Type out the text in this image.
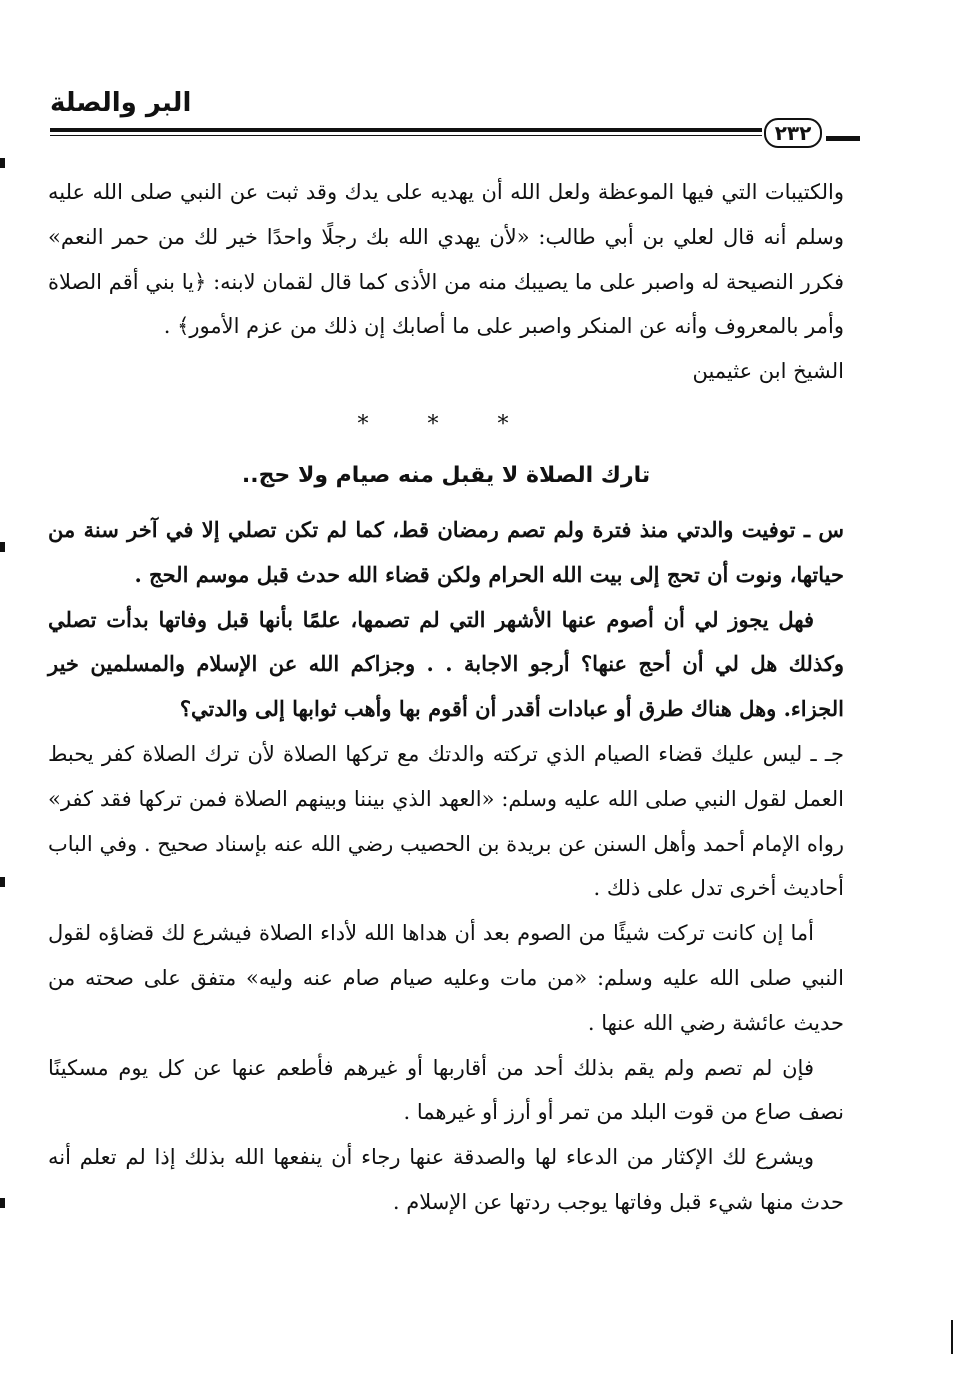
البر والصلة
٢٣٢

والكتيبات التي فيها الموعظة ولعل الله أن يهديه على يدك وقد ثبت عن النبي صلى الله عليه وسلم أنه قال لعلي بن أبي طالب: «لأن يهدي الله بك رجلًا واحدًا خير لك من حمر النعم» فكرر النصيحة له واصبر على ما يصيبك منه من الأذى كما قال لقمان لابنه: ﴿يا بني أقم الصلاة وأمر بالمعروف وأنه عن المنكر واصبر على ما أصابك إن ذلك من عزم الأمور﴾ .

الشيخ ابن عثيمين

* * *
تارك الصلاة لا يقبل منه صيام ولا حج..

س ـ توفيت والدتي منذ فترة ولم تصم رمضان قط، كما لم تكن تصلي إلا في آخر سنة من حياتها، ونوت أن تحج إلى بيت الله الحرام ولكن قضاء الله حدث قبل موسم الحج .

فهل يجوز لي أن أصوم عنها الأشهر التي لم تصمها، علمًا بأنها قبل وفاتها بدأت تصلي وكذلك هل لي أن أحج عنها؟ أرجو الاجابة . . وجزاكم الله عن الإسلام والمسلمين خير الجزاء. وهل هناك طرق أو عبادات أقدر أن أقوم بها وأهب ثوابها إلى والدتي؟

جـ ـ ليس عليك قضاء الصيام الذي تركته والدتك مع تركها الصلاة لأن ترك الصلاة كفر يحبط العمل لقول النبي صلى الله عليه وسلم: «العهد الذي بيننا وبينهم الصلاة فمن تركها فقد كفر» رواه الإمام أحمد وأهل السنن عن بريدة بن الحصيب رضي الله عنه بإسناد صحيح . وفي الباب أحاديث أخرى تدل على ذلك .

أما إن كانت تركت شيئًا من الصوم بعد أن هداها الله لأداء الصلاة فيشرع لك قضاؤه لقول النبي صلى الله عليه وسلم: «من مات وعليه صيام صام عنه وليه» متفق على صحته من حديث عائشة رضي الله عنها .

فإن لم تصم ولم يقم بذلك أحد من أقاربها أو غيرهم فأطعم عنها عن كل يوم مسكينًا نصف صاع من قوت البلد من تمر أو أرز أو غيرهما .

ويشرع لك الإكثار من الدعاء لها والصدقة عنها رجاء أن ينفعها الله بذلك إذا لم تعلم أنه حدث منها شيء قبل وفاتها يوجب ردتها عن الإسلام .
